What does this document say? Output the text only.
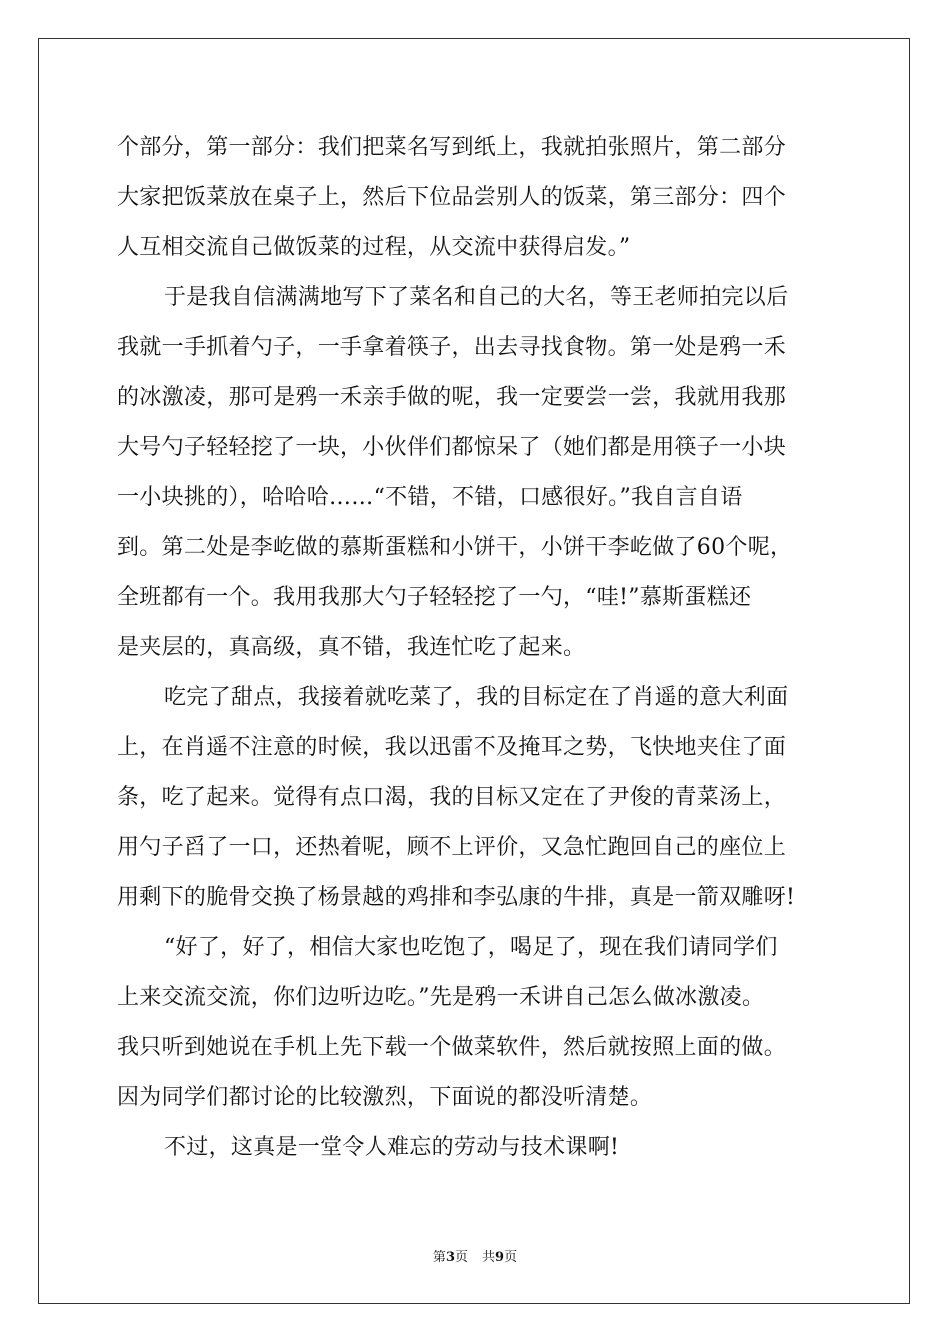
个部分，第一部分：我们把菜名写到纸上，我就拍张照片，第二部分
大家把饭菜放在桌子上，然后下位品尝别人的饭菜，第三部分：四个
人互相交流自己做饭菜的过程，从交流中获得启发。”
于是我自信满满地写下了菜名和自己的大名，等王老师拍完以后
我就一手抓着勺子，一手拿着筷子，出去寻找食物。第一处是鸦一禾
的冰激凌，那可是鸦一禾亲手做的呢，我一定要尝一尝，我就用我那
大号勺子轻轻挖了一块，小伙伴们都惊呆了（她们都是用筷子一小块
一小块挑的），哈哈哈……“不错，不错，口感很好。”我自言自语
到。第二处是李屹做的慕斯蛋糕和小饼干，小饼干李屹做了60个呢，
全班都有一个。我用我那大勺子轻轻挖了一勺，“哇!”慕斯蛋糕还
是夹层的，真高级，真不错，我连忙吃了起来。
吃完了甜点，我接着就吃菜了，我的目标定在了肖遥的意大利面
上，在肖遥不注意的时候，我以迅雷不及掩耳之势，飞快地夹住了面
条，吃了起来。觉得有点口渴，我的目标又定在了尹俊的青菜汤上，
用勺子舀了一口，还热着呢，顾不上评价，又急忙跑回自己的座位上
用剩下的脆骨交换了杨景越的鸡排和李弘康的牛排，真是一箭双雕呀!
“好了，好了，相信大家也吃饱了，喝足了，现在我们请同学们
上来交流交流，你们边听边吃。”先是鸦一禾讲自己怎么做冰激凌。
我只听到她说在手机上先下载一个做菜软件，然后就按照上面的做。
因为同学们都讨论的比较激烈，下面说的都没听清楚。
不过，这真是一堂令人难忘的劳动与技术课啊!
第3页 共9页
